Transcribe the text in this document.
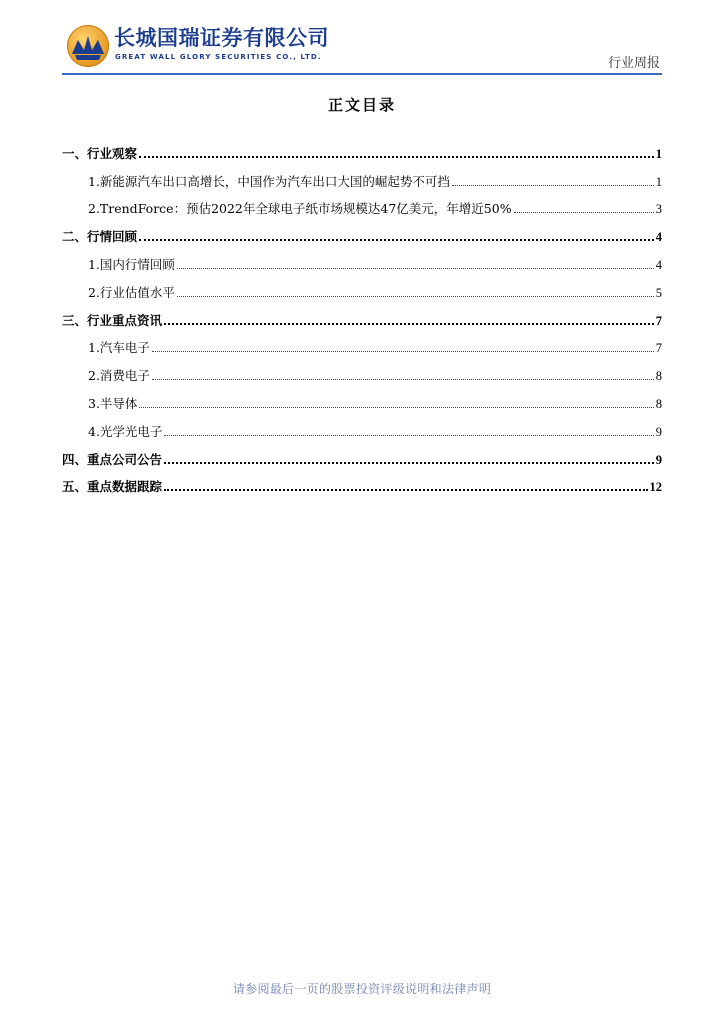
长城国瑞证券有限公司
GREAT WALL GLORY SECURITIES CO., LTD.	行业周报
正文目录
一、行业观察	1
1.新能源汽车出口高增长，中国作为汽车出口大国的崛起势不可挡	1
2.TrendForce：预估2022年全球电子纸市场规模达47亿美元，年增近50%	3
二、行情回顾	4
1.国内行情回顾	4
2.行业估值水平	5
三、行业重点资讯	7
1.汽车电子	7
2.消费电子	8
3.半导体	8
4.光学光电子	9
四、重点公司公告	9
五、重点数据跟踪	12
请参阅最后一页的股票投资评级说明和法律声明
